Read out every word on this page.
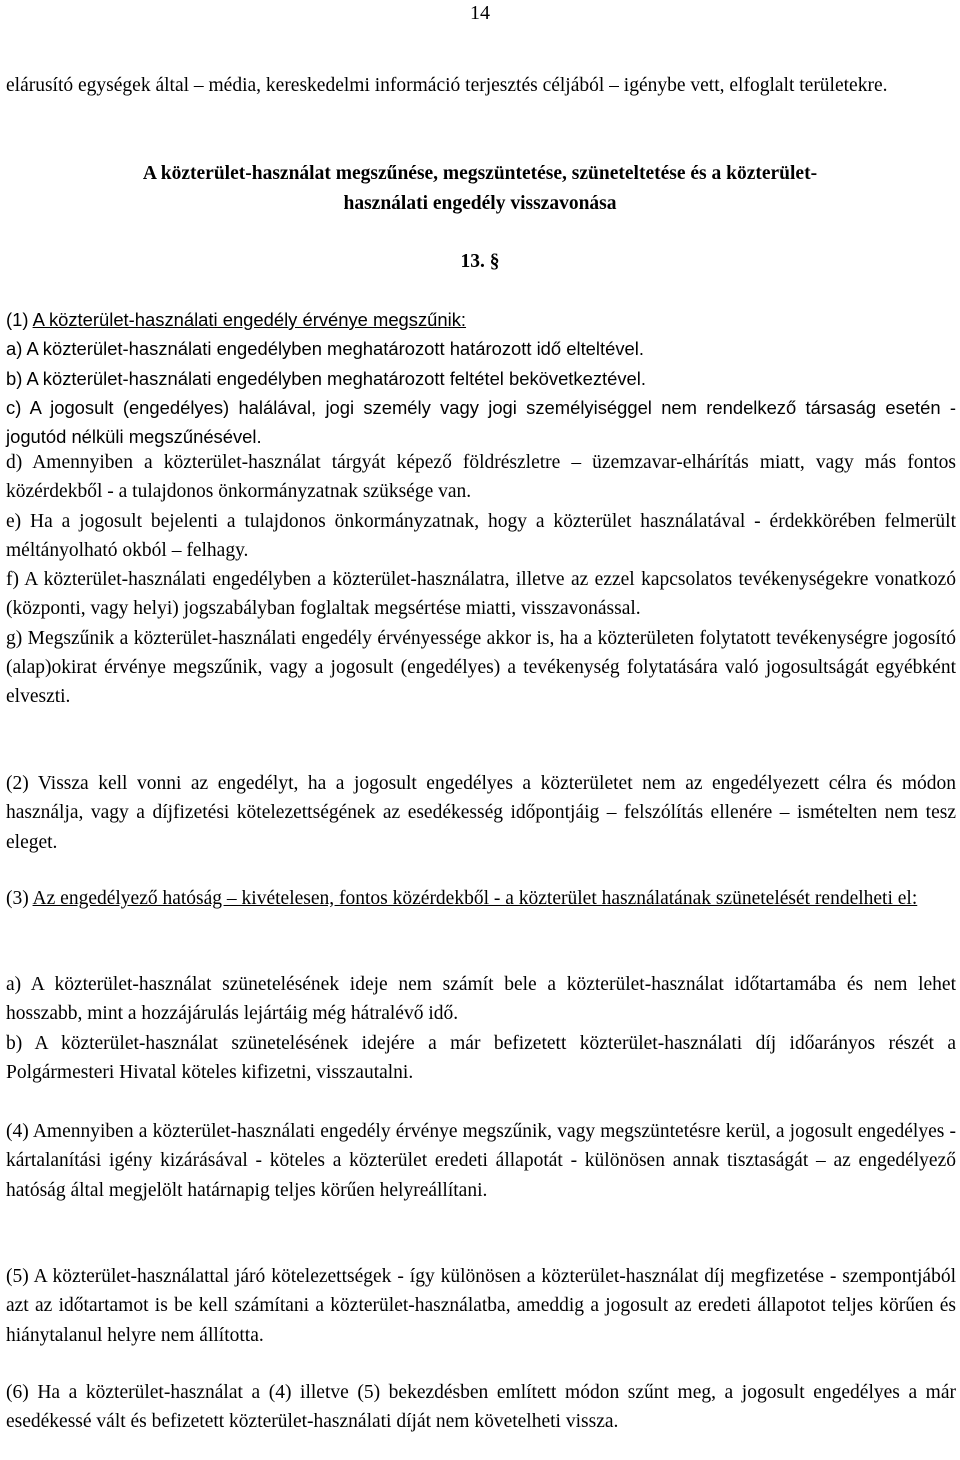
14

elárusító egységek által – média, kereskedelmi információ terjesztés céljából – igénybe vett, elfoglalt területekre.

A közterület-használat megszűnése, megszüntetése, szüneteltetése és a közterület-
használati engedély visszavonása
13. §

(1) A közterület-használati engedély érvénye megszűnik:

a) A közterület-használati engedélyben meghatározott határozott idő elteltével.

b) A közterület-használati engedélyben meghatározott feltétel bekövetkeztével.

c) A jogosult (engedélyes) halálával, jogi személy vagy jogi személyiséggel nem rendelkező társaság esetén - jogutód nélküli megszűnésével.

d) Amennyiben a közterület-használat tárgyát képező földrészletre – üzemzavar-elhárítás miatt, vagy más fontos közérdekből - a tulajdonos önkormányzatnak szüksége van.

e) Ha a jogosult bejelenti a tulajdonos önkormányzatnak, hogy a közterület használatával - érdekkörében felmerült méltányolható okból – felhagy.

f) A közterület-használati engedélyben a közterület-használatra, illetve az ezzel kapcsolatos tevékenységekre vonatkozó (központi, vagy helyi) jogszabályban foglaltak megsértése miatti, visszavonással.

g) Megszűnik a közterület-használati engedély érvényessége akkor is, ha a közterületen folytatott tevékenységre jogosító (alap)okirat érvénye megszűnik, vagy a jogosult (engedélyes) a tevékenység folytatására való jogosultságát egyébként elveszti.

(2) Vissza kell vonni az engedélyt, ha a jogosult engedélyes a közterületet nem az engedélyezett célra és módon használja, vagy a díjfizetési kötelezettségének az esedékesség időpontjáig – felszólítás ellenére – ismételten nem tesz eleget.

(3) Az engedélyező hatóság – kivételesen, fontos közérdekből - a közterület használatának szünetelését rendelheti el:

a) A közterület-használat szünetelésének ideje nem számít bele a közterület-használat időtartamába és nem lehet hosszabb, mint a hozzájárulás lejártáig még hátralévő idő.

b) A közterület-használat szünetelésének idejére a már befizetett közterület-használati díj időarányos részét a Polgármesteri Hivatal köteles kifizetni, visszautalni.

(4) Amennyiben a közterület-használati engedély érvénye megszűnik, vagy megszüntetésre kerül, a jogosult engedélyes - kártalanítási igény kizárásával - köteles a közterület eredeti állapotát - különösen annak tisztaságát – az engedélyező hatóság által megjelölt határnapig teljes körűen helyreállítani.

(5) A közterület-használattal járó kötelezettségek - így különösen a közterület-használat díj megfizetése - szempontjából azt az időtartamot is be kell számítani a közterület-használatba, ameddig a jogosult az eredeti állapotot teljes körűen és hiánytalanul helyre nem állította.

(6) Ha a közterület-használat a (4) illetve (5) bekezdésben említett módon szűnt meg, a jogosult engedélyes a már esedékessé vált és befizetett közterület-használati díját nem követelheti vissza.
